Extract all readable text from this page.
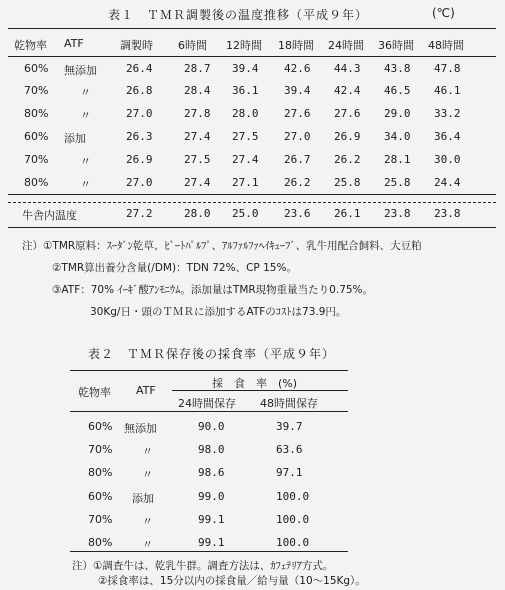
表１　ＴＭＲ調製後の温度推移（平成９年）	(℃)
乾物率 ATF	調製時 6時間 12時間 18時間 24時間 36時間 48時間
60% 無添加	26.4	28.7 39.4 42.6 44.3 43.8 47.8
70%	〃	26.8	28.4 36.1 39.4 42.4 46.5 46.1
80%	〃	27.0	27.8 28.0 27.6 27.6 29.0 33.2
60% 添加	26.3	27.4 27.5 27.0 26.9 34.0 36.4
70%	〃	26.9	27.5 27.4 26.7 26.2 28.1 30.0
80%	〃	27.0	27.4 27.1 26.2 25.8 25.8 24.4
牛舎内温度	27.2	28.0 25.0 23.6 26.1 23.8 23.8
注）①TMR原料：ｽｰﾀﾞﾝ乾草、ﾋﾞｰﾄﾊﾟﾙﾌﾟ、ｱﾙﾌｧﾙﾌｧﾍｲｷｭｰﾌﾞ、乳牛用配合飼料、大豆粕
②TMR算出養分含量(/DM)：TDN 72%、CP 15%。
③ATF：70% ｲｰｷﾞ酸ｱﾝﾓﾆｳﾑ。添加量はTMR現物重量当たり0.75%。
30Kg/日・頭のＴＭＲに添加するATFのｺｽﾄは73.9円。
表２　ＴＭＲ保存後の採食率（平成９年）
乾物率 ATF
採　食　率　(%)
24時間保存 48時間保存
60% 無添加	90.0	39.7
70%	〃	98.0	63.6
80%	〃	98.6	97.1
60% 添加	99.0	100.0
70%	〃	99.1	100.0
80%	〃	99.1	100.0
注）①調査牛は、乾乳牛群。調査方法は、ｶﾌｪﾃﾘｱ方式。
②採食率は、15分以内の採食量／給与量（10〜15Kg）。
